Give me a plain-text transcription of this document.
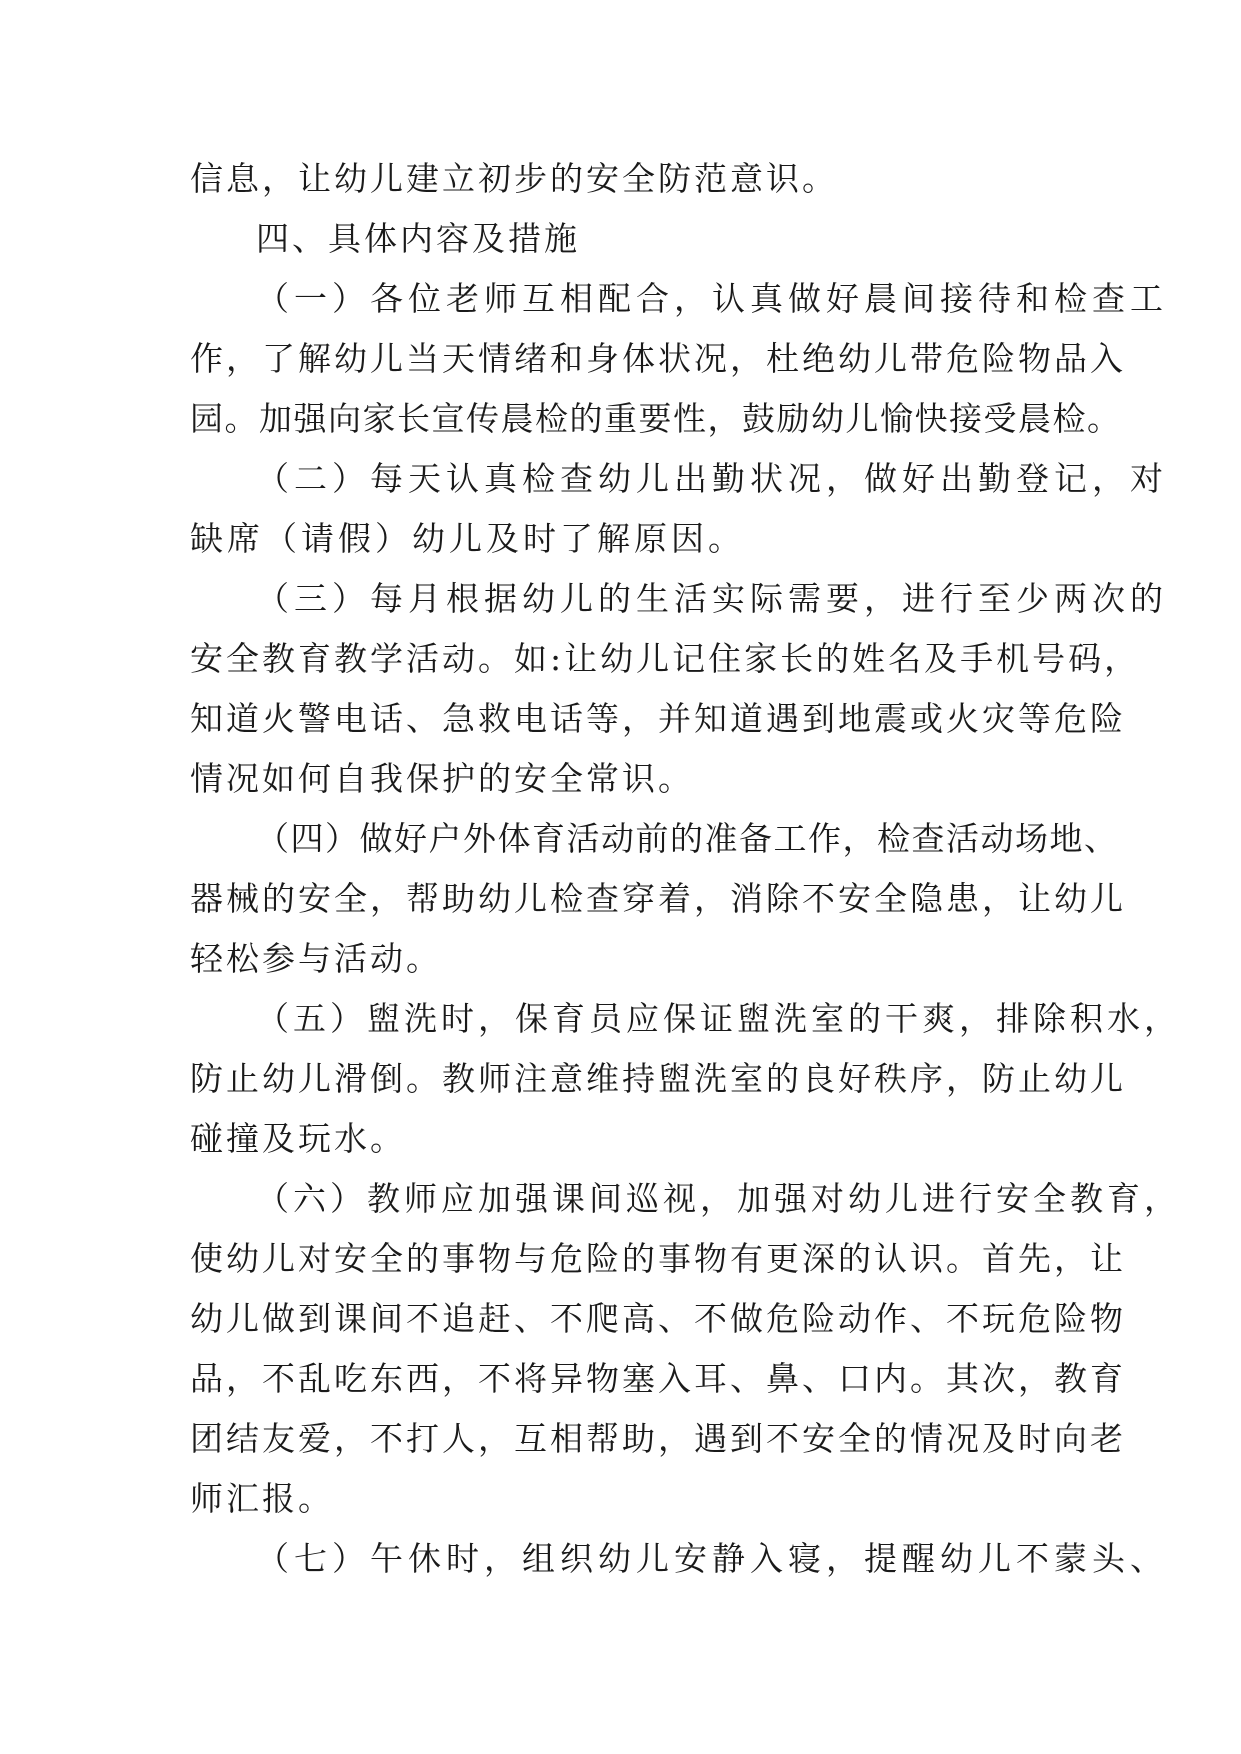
信息，让幼儿建立初步的安全防范意识。
四、具体内容及措施
（一）各位老师互相配合，认真做好晨间接待和检查工
作，了解幼儿当天情绪和身体状况，杜绝幼儿带危险物品入
园。加强向家长宣传晨检的重要性，鼓励幼儿愉快接受晨检。
（二）每天认真检查幼儿出勤状况，做好出勤登记，对
缺席（请假）幼儿及时了解原因。
（三）每月根据幼儿的生活实际需要，进行至少两次的
安全教育教学活动。如:让幼儿记住家长的姓名及手机号码，
知道火警电话、急救电话等，并知道遇到地震或火灾等危险
情况如何自我保护的安全常识。
（四）做好户外体育活动前的准备工作，检查活动场地、
器械的安全，帮助幼儿检查穿着，消除不安全隐患，让幼儿
轻松参与活动。
（五）盥洗时，保育员应保证盥洗室的干爽，排除积水，
防止幼儿滑倒。教师注意维持盥洗室的良好秩序，防止幼儿
碰撞及玩水。
（六）教师应加强课间巡视，加强对幼儿进行安全教育，
使幼儿对安全的事物与危险的事物有更深的认识。首先，让
幼儿做到课间不追赶、不爬高、不做危险动作、不玩危险物
品，不乱吃东西，不将异物塞入耳、鼻、口内。其次，教育
团结友爱，不打人，互相帮助，遇到不安全的情况及时向老
师汇报。
（七）午休时，组织幼儿安静入寝，提醒幼儿不蒙头、
